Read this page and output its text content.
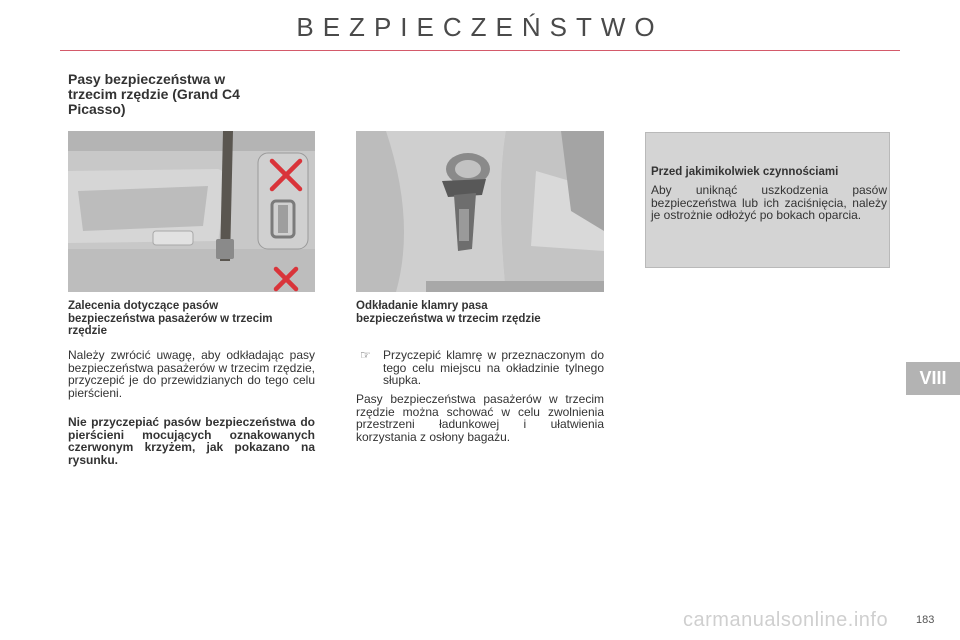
BEZPIECZEŃSTWO
Pasy bezpieczeństwa w trzecim rzędzie (Grand C4 Picasso)
Zalecenia dotyczące pasów bezpieczeństwa pasażerów w trzecim rzędzie
Należy zwrócić uwagę, aby odkładając pasy bezpieczeństwa pasażerów w trzecim rzędzie, przyczepić je do przewidzianych do tego celu pierścieni.
Nie przyczepiać pasów bezpieczeństwa do pierścieni mocujących oznakowanych czerwonym krzyżem, jak pokazano na rysunku.
Odkładanie klamry pasa bezpieczeństwa w trzecim rzędzie
☞ Przyczepić klamrę w przeznaczonym do tego celu miejscu na okładzinie tylnego słupka.
Pasy bezpieczeństwa pasażerów w trzecim rzędzie można schować w celu zwolnienia przestrzeni ładunkowej i ułatwienia korzystania z osłony bagażu.
Przed jakimikolwiek czynnościami
Aby uniknąć uszkodzenia pasów bezpieczeństwa lub ich zaciśnięcia, należy je ostrożnie odłożyć po bokach oparcia.
VIII
carmanualsonline.info	183
